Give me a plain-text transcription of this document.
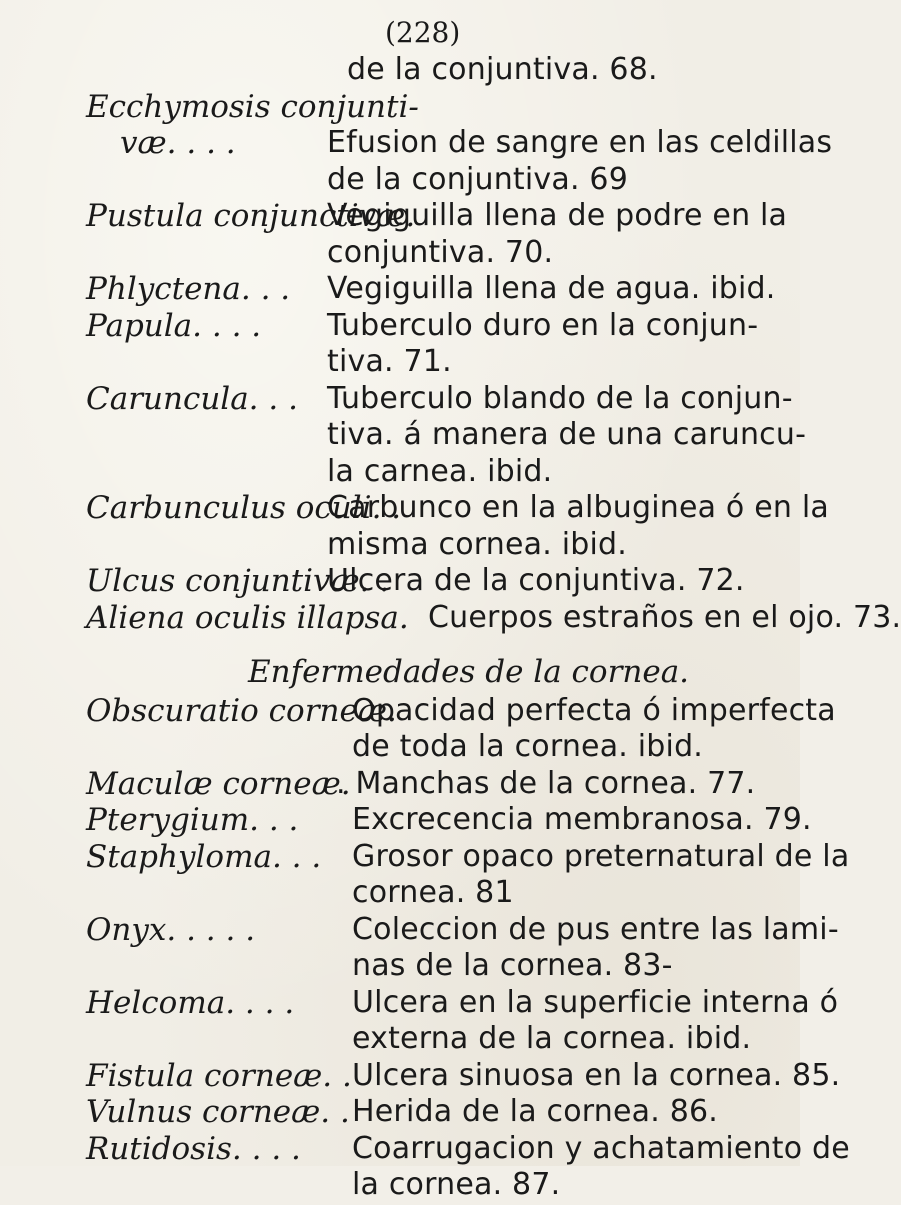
(228)
de la conjuntiva. 68.
Ecchymosis conjunti-
væ. . . .	Efusion de sangre en las celdillas
de la conjuntiva. 69
Pustula conjunctivæ.
Vegiguilla llena de podre en la
conjuntiva. 70.
Phlyctena. . . Vegiguilla llena de agua. ibid.
Papula. . . . Tuberculo duro en la conjun-
tiva. 71.
Caruncula. . . Tuberculo blando de la conjun-
tiva. á manera de una caruncu-
la carnea. ibid.
Carbunculus oculi. .
Carbunco en la albuginea ó en la
misma cornea. ibid.
Ulcus conjuntivæ. .
Ulcera de la conjuntiva. 72.
Aliena oculis illapsa. Cuerpos estraños en el ojo. 73.
Enfermedades de la cornea.
Obscuratio corneæ.
Opacidad perfecta ó imperfecta
de toda la cornea. ibid.
Maculæ corneæ.
. Manchas de la cornea. 77.
Pterygium. . . Excrecencia membranosa. 79.
Staphyloma. . . Grosor opaco preternatural de la
cornea. 81
Onyx. . . . .	Coleccion de pus entre las lami-
nas de la cornea. 83-
Helcoma. . . . Ulcera en la superficie interna ó
externa de la cornea. ibid.
Fistula corneæ. . Ulcera sinuosa en la cornea. 85.
Vulnus corneæ. . Herida de la cornea. 86.
Rutidosis. . . . Coarrugacion y achatamiento de
la cornea. 87.
